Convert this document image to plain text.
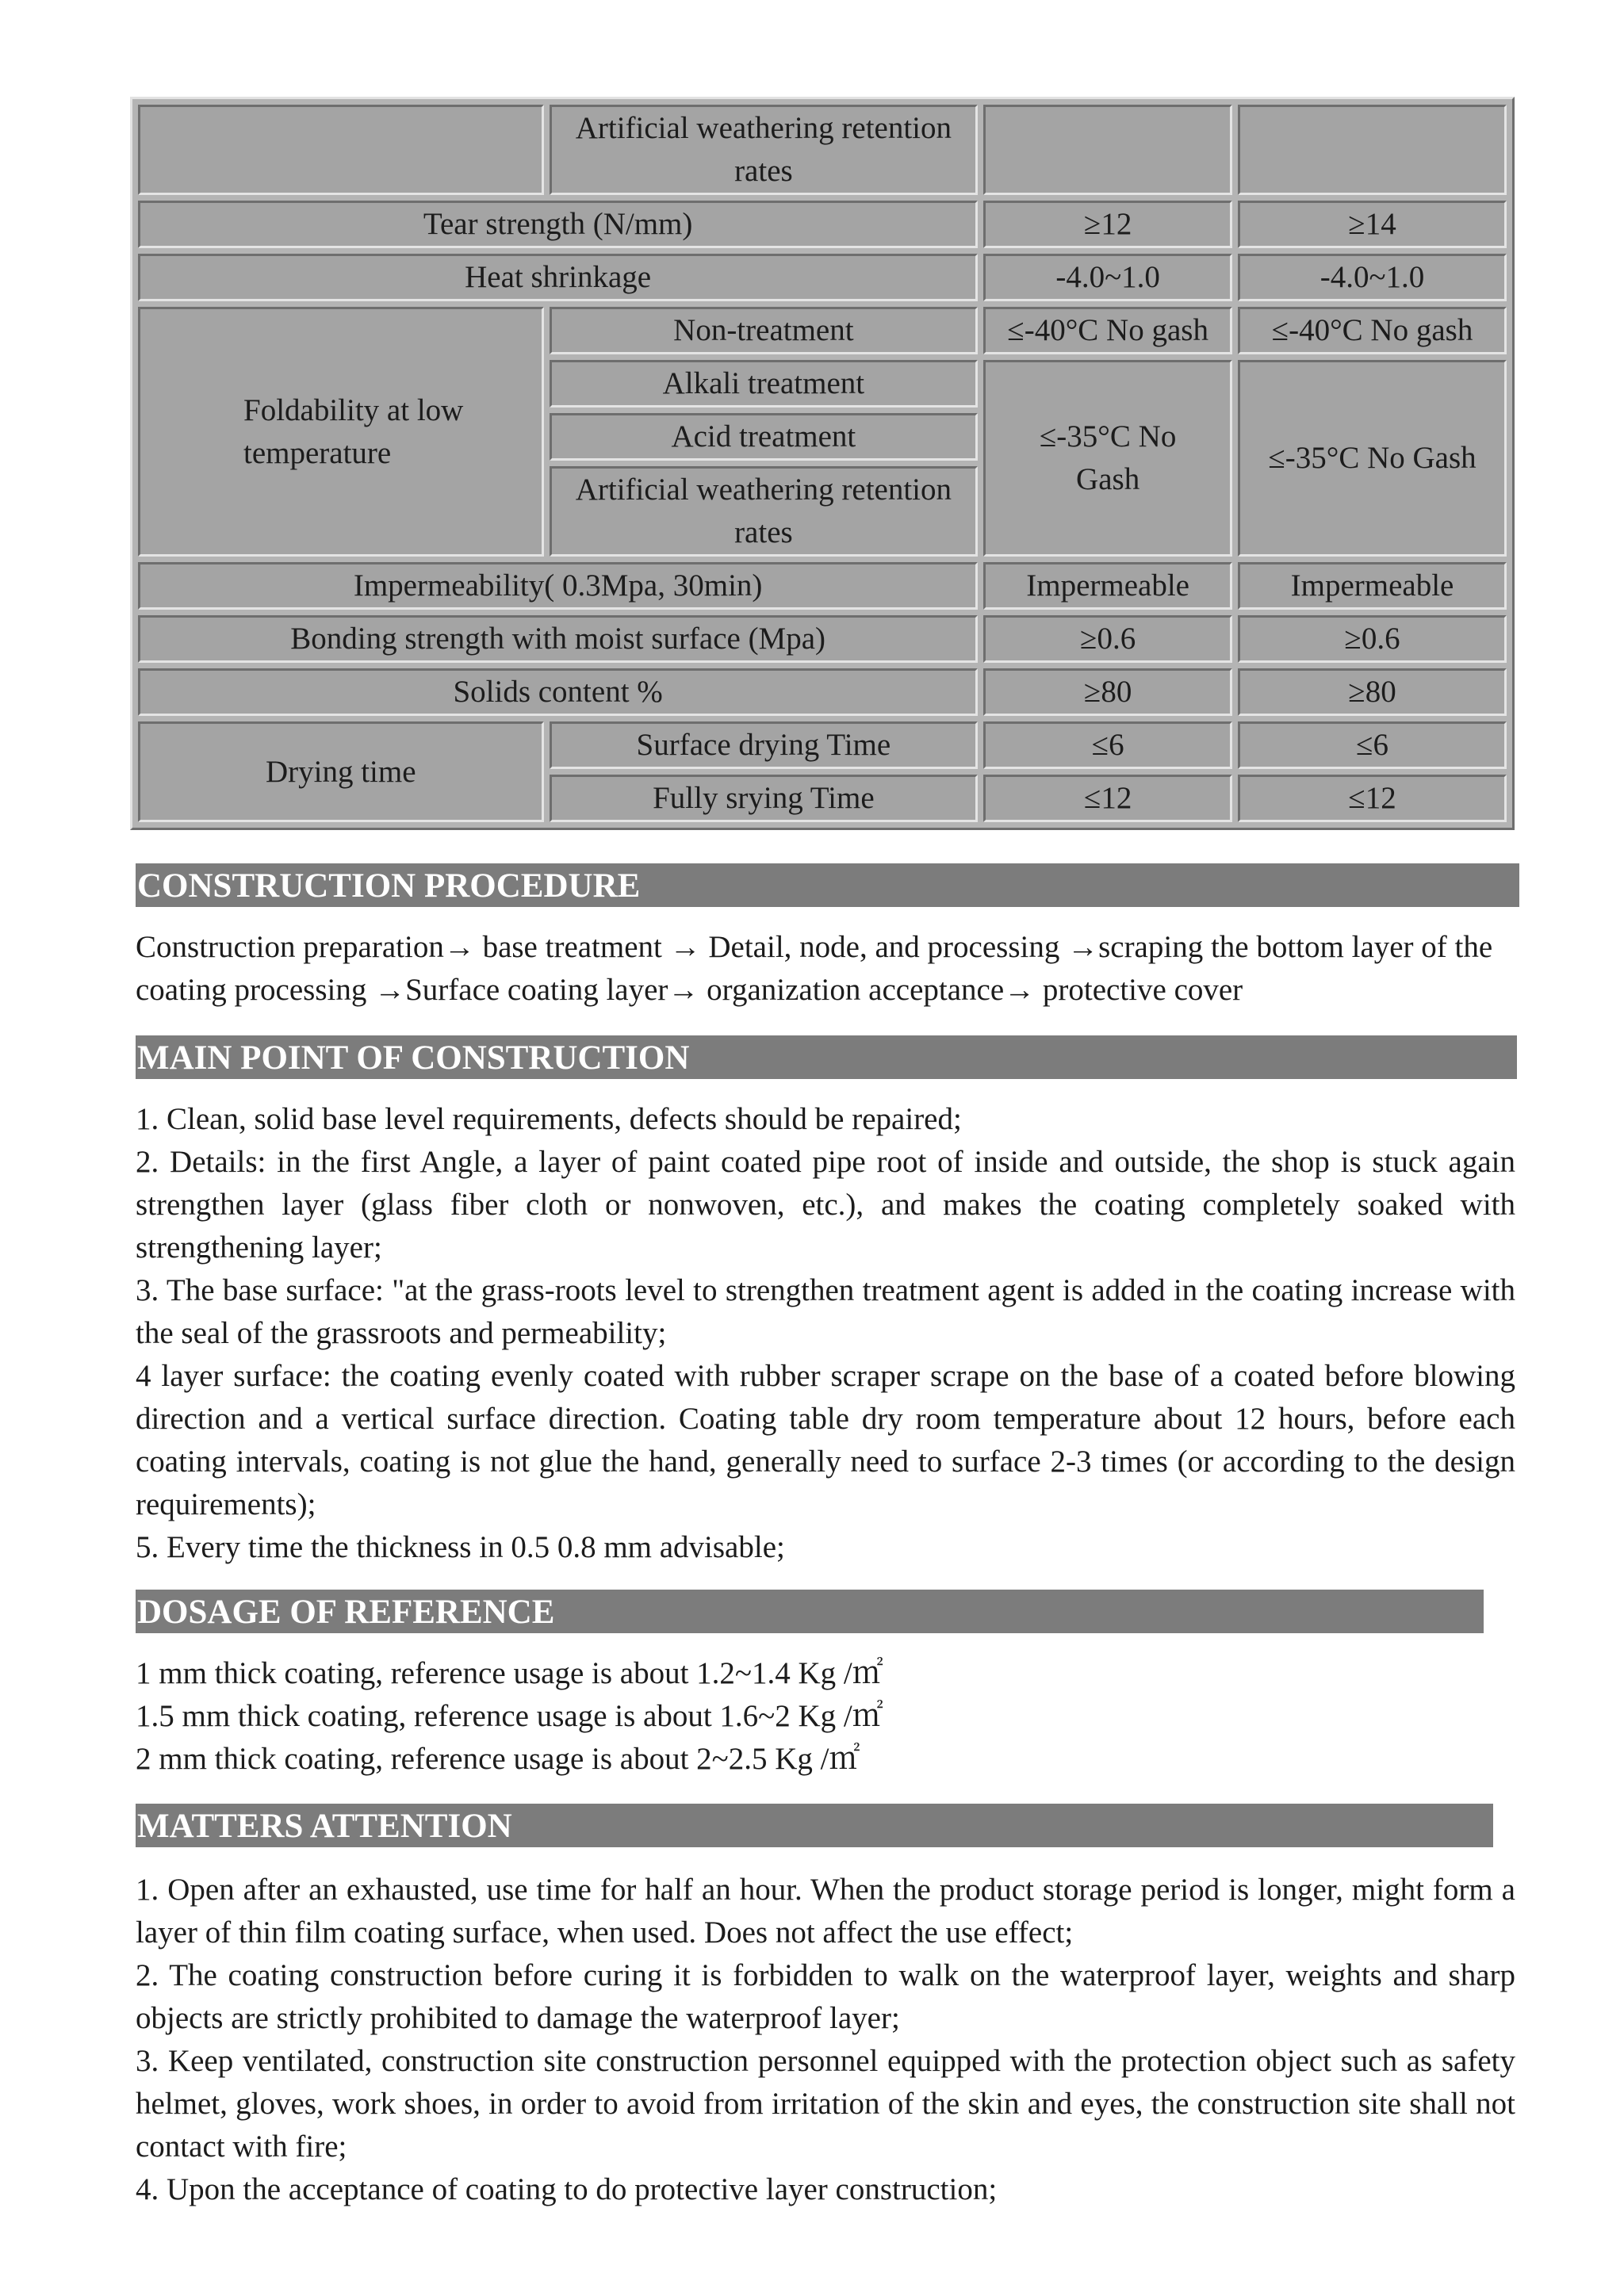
	Artificial weathering retention rates		
Tear strength (N/mm)		≥12	≥14
Heat shrinkage		-4.0~1.0	-4.0~1.0
Foldability at low temperature	Non-treatment	≤-40°C No gash	≤-40°C No gash
	Alkali treatment	≤-35°C No Gash	≤-35°C No Gash
	Acid treatment		
	Artificial weathering retention rates		
Impermeability( 0.3Mpa, 30min)		Impermeable	Impermeable
Bonding strength with moist surface (Mpa)		≥0.6	≥0.6
Solids content %		≥80	≥80
Drying time	Surface drying Time	≤6	≤6
	Fully srying Time	≤12	≤12
CONSTRUCTION PROCEDURE

Construction preparation→ base treatment → Detail, node, and processing →scraping the bottom layer of the coating processing →Surface coating layer→ organization acceptance→ protective cover

MAIN POINT OF CONSTRUCTION

1. Clean, solid base level requirements, defects should be repaired;

2. Details: in the first Angle, a layer of paint coated pipe root of inside and outside, the shop is stuck again strengthen layer (glass fiber cloth or nonwoven, etc.), and makes the coating completely soaked with strengthening layer;

3. The base surface: "at the grass-roots level to strengthen treatment agent is added in the coating increase with the seal of the grassroots and permeability;

4 layer surface: the coating evenly coated with rubber scraper scrape on the base of a coated before blowing direction and a vertical surface direction. Coating table dry room temperature about 12 hours, before each coating intervals, coating is not glue the hand, generally need to surface 2-3 times (or according to the design requirements);

5. Every time the thickness in 0.5 0.8 mm advisable;

DOSAGE OF REFERENCE

1 mm thick coating, reference usage is about 1.2~1.4 Kg /㎡

1.5 mm thick coating, reference usage is about 1.6~2 Kg /㎡

2 mm thick coating, reference usage is about 2~2.5 Kg /㎡

MATTERS ATTENTION

1. Open after an exhausted, use time for half an hour. When the product storage period is longer, might form a layer of thin film coating surface, when used. Does not affect the use effect;

2. The coating construction before curing it is forbidden to walk on the waterproof layer, weights and sharp objects are strictly prohibited to damage the waterproof layer;

3. Keep ventilated, construction site construction personnel equipped with the protection object such as safety helmet, gloves, work shoes, in order to avoid from irritation of the skin and eyes, the construction site shall not contact with fire;

4. Upon the acceptance of coating to do protective layer construction;
